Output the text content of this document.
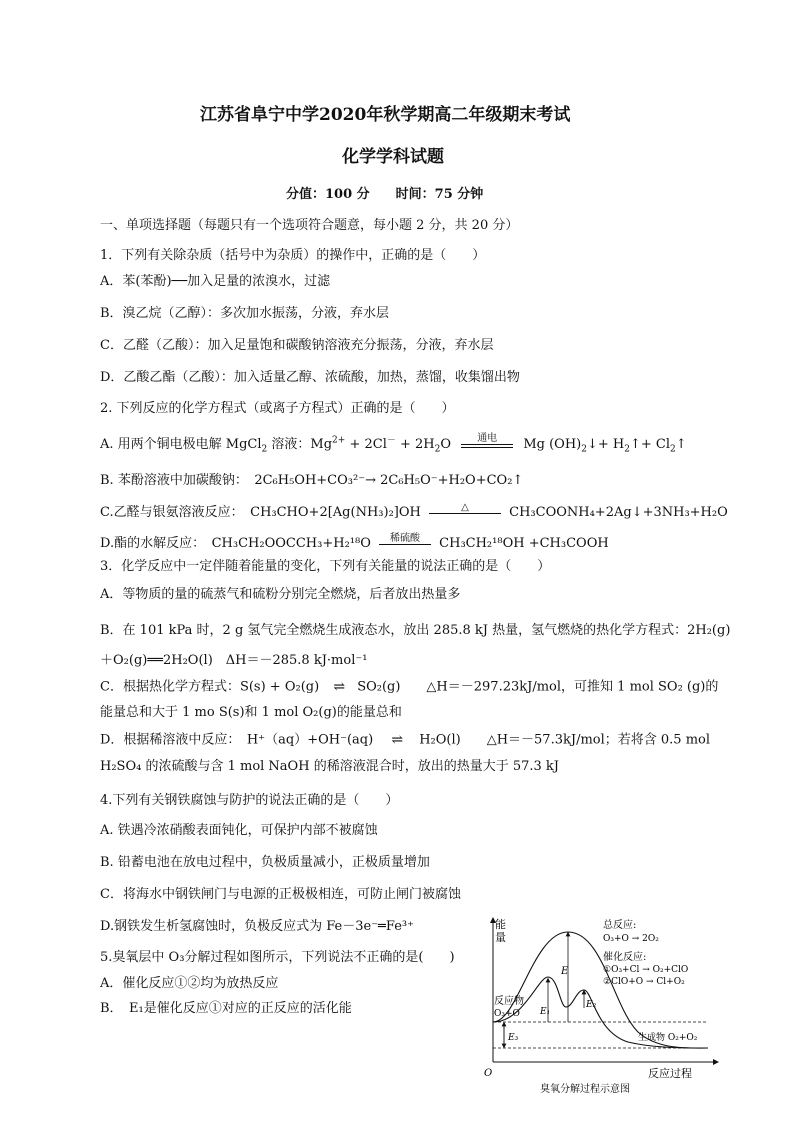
江苏省阜宁中学2020年秋学期高二年级期末考试
化学学科试题
分值：100 分　　时间：75 分钟
一、单项选择题（每题只有一个选项符合题意，每小题 2 分，共 20 分）
1．下列有关除杂质（括号中为杂质）的操作中，正确的是（　　）
A．苯(苯酚)──加入足量的浓溴水，过滤
B．溴乙烷（乙醇）：多次加水振荡，分液，弃水层
C．乙醛（乙酸）：加入足量饱和碳酸钠溶液充分振荡，分液，弃水层
D．乙酸乙酯（乙酸）：加入适量乙醇、浓硫酸，加热，蒸馏，收集馏出物
2. 下列反应的化学方程式（或离子方程式）正确的是（　　）
A. 用两个铜电极电解 MgCl$_2$ 溶液：$Mg^{2+} + 2Cl^- + 2H_2O$	通电	Mg $(OH)_2↓+$ $H_2↑+$ $Cl_2↑$
B. 苯酚溶液中加碳酸钠：　2C₆H₅OH+CO₃²⁻→ 2C₆H₅O⁻+H₂O+CO₂↑
C.乙醛与银氨溶液反应：　CH₃CHO+2[Ag(NH₃)₂]OH	△	CH₃COONH₄+2Ag↓+3NH₃+H₂O
D.酯的水解反应：　CH₃CH₂OOCCH₃+H₂¹⁸O	稀硫酸	CH₃CH₂¹⁸OH +CH₃COOH
3．化学反应中一定伴随着能量的变化，下列有关能量的说法正确的是（　　）
A．等物质的量的硫蒸气和硫粉分别完全燃烧，后者放出热量多
B．在 101 kPa 时，2 g 氢气完全燃烧生成液态水，放出 285.8 kJ 热量，氢气燃烧的热化学方程式：2H₂(g)
＋O₂(g)══2H₂O(l)　ΔH＝－285.8 kJ·mol⁻¹
C．根据热化学方程式：S(s) + O₂(g) ⇌ SO₂(g)　　△H＝－297.23kJ/mol，可推知 1 mol SO₂ (g)的
能量总和大于 1 mo S(s)和 1 mol O₂(g)的能量总和
D．根据稀溶液中反应：　H⁺（aq）+OH⁻(aq) ⇌ H₂O(l)　　△H＝－57.3kJ/mol；若将含 0.5 mol
H₂SO₄ 的浓硫酸与含 1 mol NaOH 的稀溶液混合时，放出的热量大于 57.3 kJ
4.下列有关钢铁腐蚀与防护的说法正确的是（　　）
A. 铁遇冷浓硝酸表面钝化，可保护内部不被腐蚀
B. 铅蓄电池在放电过程中，负极质量减小，正极质量增加
C．将海水中钢铁闸门与电源的正极极相连，可防止闸门被腐蚀
D.钢铁发生析氢腐蚀时，负极反应式为 Fe－3e⁻═Fe³⁺
5.臭氧层中 O₃分解过程如图所示，下列说法不正确的是(　　)
A．催化反应①②均为放热反应
B．　E₁是催化反应①对应的正反应的活化能
能
量
O	反应过程
臭氧分解过程示意图
E
E₁
E₂
E₃
反应物
O₃+O
生成物 O₂+O₂
总反应:
O₃+O → 2O₂
催化反应:
①O₃+Cl → O₂+ClO
②ClO+O → Cl+O₂
